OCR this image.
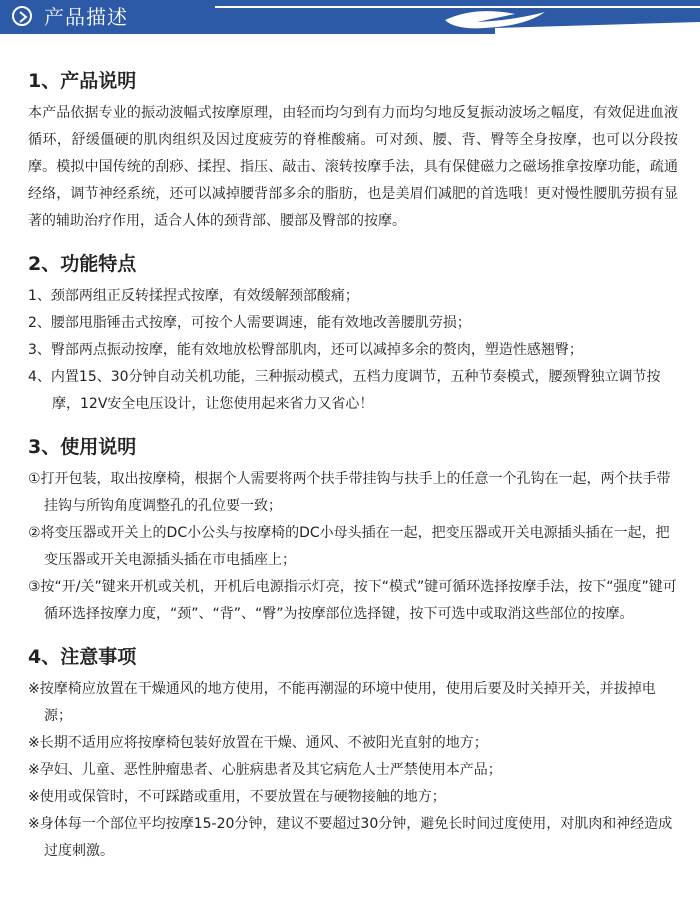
产品描述
1、产品说明

本产品依据专业的振动波幅式按摩原理，由轻而均匀到有力而均匀地反复振动波场之幅度，有效促进血液循环，舒缓僵硬的肌肉组织及因过度疲劳的脊椎酸痛。可对颈、腰、背、臀等全身按摩，也可以分段按摩。模拟中国传统的刮痧、揉捏、指压、敲击、滚转按摩手法，具有保健磁力之磁场推拿按摩功能，疏通经络，调节神经系统，还可以减掉腰背部多余的脂肪，也是美眉们减肥的首选哦！更对慢性腰肌劳损有显著的辅助治疗作用，适合人体的颈背部、腰部及臀部的按摩。

2、功能特点

1、颈部两组正反转揉捏式按摩，有效缓解颈部酸痛；

2、腰部甩脂锤击式按摩，可按个人需要调速，能有效地改善腰肌劳损；

3、臀部两点振动按摩，能有效地放松臀部肌肉，还可以减掉多余的赘肉，塑造性感翘臀；

4、内置15、30分钟自动关机功能，三种振动模式，五档力度调节，五种节奏模式，腰颈臀独立调节按摩，12V安全电压设计，让您使用起来省力又省心！

3、使用说明

①打开包装，取出按摩椅，根据个人需要将两个扶手带挂钩与扶手上的任意一个孔钩在一起，两个扶手带挂钩与所钩角度调整孔的孔位要一致；

②将变压器或开关上的DC小公头与按摩椅的DC小母头插在一起，把变压器或开关电源插头插在一起，把变压器或开关电源插头插在市电插座上；

③按“开/关”键来开机或关机，开机后电源指示灯亮，按下“模式”键可循环选择按摩手法，按下“强度”键可循环选择按摩力度，“颈”、“背”、“臀”为按摩部位选择键，按下可选中或取消这些部位的按摩。

4、注意事项

※按摩椅应放置在干燥通风的地方使用，不能再潮湿的环境中使用，使用后要及时关掉开关，并拔掉电源；

※长期不适用应将按摩椅包装好放置在干燥、通风、不被阳光直射的地方；

※孕妇、儿童、恶性肿瘤患者、心脏病患者及其它病危人士严禁使用本产品；

※使用或保管时，不可踩踏或重用，不要放置在与硬物接触的地方；

※身体每一个部位平均按摩15-20分钟，建议不要超过30分钟，避免长时间过度使用，对肌肉和神经造成过度刺激。
